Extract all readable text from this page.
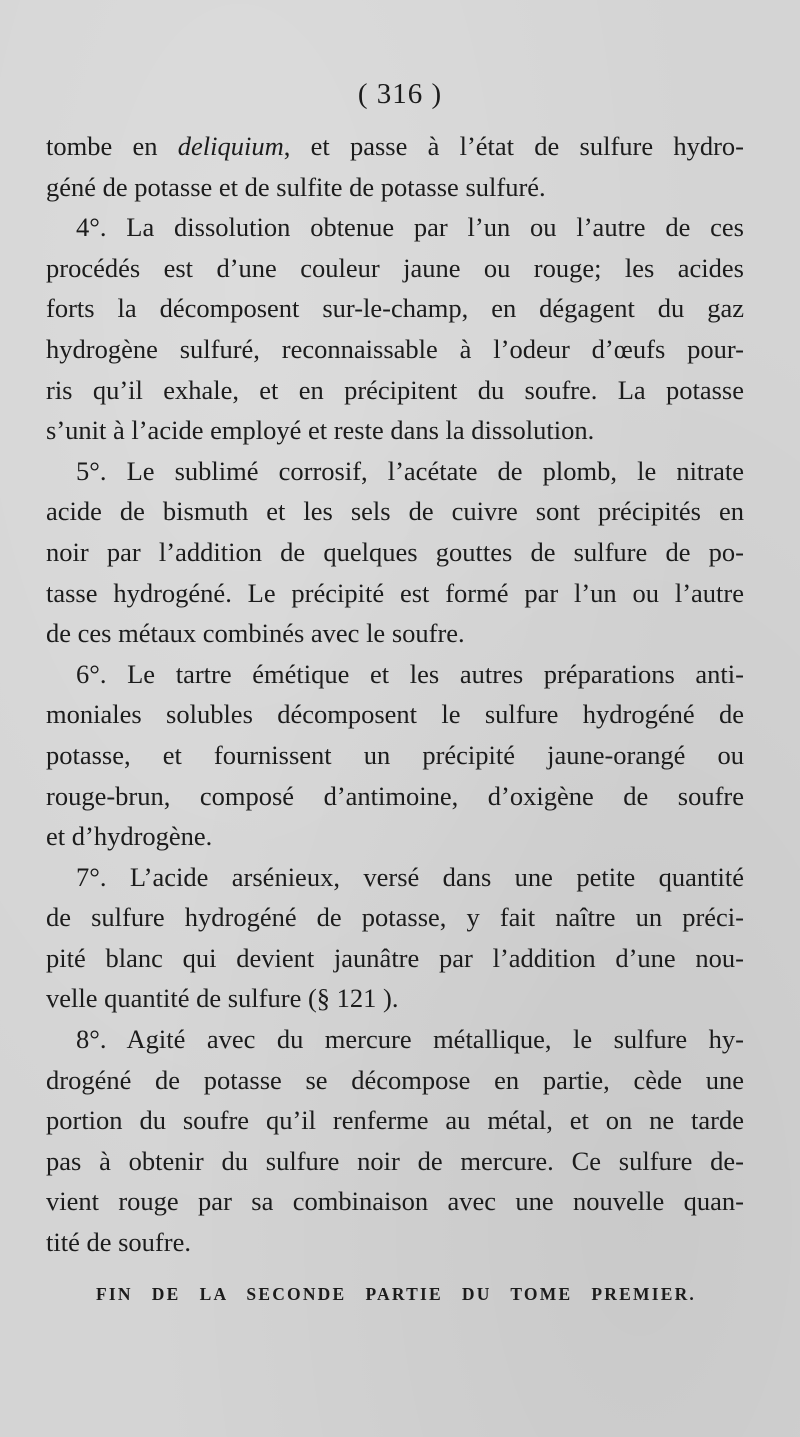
( 316 )
tombe en deliquium, et passe à l’état de sulfure hydro-
géné de potasse et de sulfite de potasse sulfuré.
4°. La dissolution obtenue par l’un ou l’autre de ces
procédés est d’une couleur jaune ou rouge; les acides
forts la décomposent sur-le-champ, en dégagent du gaz
hydrogène sulfuré, reconnaissable à l’odeur d’œufs pour-
ris qu’il exhale, et en précipitent du soufre. La potasse
s’unit à l’acide employé et reste dans la dissolution.
5°. Le sublimé corrosif, l’acétate de plomb, le nitrate
acide de bismuth et les sels de cuivre sont précipités en
noir par l’addition de quelques gouttes de sulfure de po-
tasse hydrogéné. Le précipité est formé par l’un ou l’autre
de ces métaux combinés avec le soufre.
6°. Le tartre émétique et les autres préparations anti-
moniales solubles décomposent le sulfure hydrogéné de
potasse, et fournissent un précipité jaune-orangé ou
rouge-brun, composé d’antimoine, d’oxigène de soufre
et d’hydrogène.
7°. L’acide arsénieux, versé dans une petite quantité
de sulfure hydrogéné de potasse, y fait naître un préci-
pité blanc qui devient jaunâtre par l’addition d’une nou-
velle quantité de sulfure (§ 121 ).
8°. Agité avec du mercure métallique, le sulfure hy-
drogéné de potasse se décompose en partie, cède une
portion du soufre qu’il renferme au métal, et on ne tarde
pas à obtenir du sulfure noir de mercure. Ce sulfure de-
vient rouge par sa combinaison avec une nouvelle quan-
tité de soufre.
FIN DE LA SECONDE PARTIE DU TOME PREMIER.
